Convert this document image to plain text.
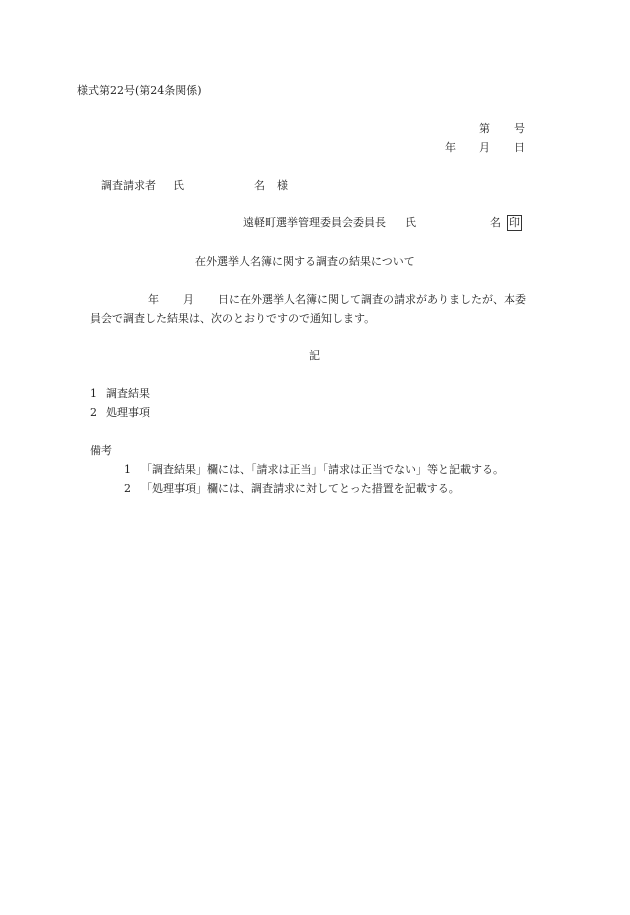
様式第22号(第24条関係)
第 号
年 月 日
調査請求者 氏	名 様
遠軽町選挙管理委員会委員長 氏	名 印
在外選挙人名簿に関する調査の結果について
年 月 日に在外選挙人名簿に関して調査の請求がありましたが、本委
員会で調査した結果は、次のとおりですので通知します。
記
1 調査結果
2 処理事項
備考
1 「調査結果」欄には、「請求は正当」「請求は正当でない」等と記載する。
2 「処理事項」欄には、調査請求に対してとった措置を記載する。
